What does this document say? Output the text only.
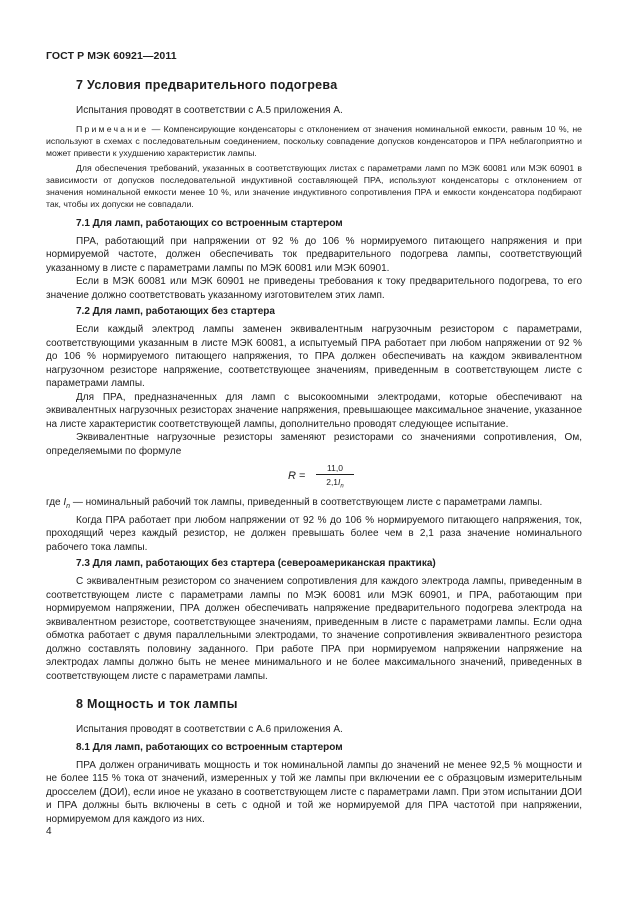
ГОСТ Р МЭК 60921—2011
7 Условия предварительного подогрева

Испытания проводят в соответствии с А.5 приложения А.

Примечание — Компенсирующие конденсаторы с отклонением от значения номинальной емкости, равным 10 %, не используют в схемах с последовательным соединением, поскольку совпадение допусков конденсаторов и ПРА неблагоприятно и может привести к ухудшению характеристик лампы.

Для обеспечения требований, указанных в соответствующих листах с параметрами ламп по МЭК 60081 или МЭК 60901 в зависимости от допусков последовательной индуктивной составляющей ПРА, используют конденсаторы с отклонением от значения номинальной емкости менее 10 %, или значение индуктивного сопротивления ПРА и емкости конденсатора подбирают так, чтобы их допуски не совпадали.

7.1 Для ламп, работающих со встроенным стартером

ПРА, работающий при напряжении от 92 % до 106 % нормируемого питающего напряжения и при нормируемой частоте, должен обеспечивать ток предварительного подогрева лампы, соответствующий указанному в листе с параметрами лампы по МЭК 60081 или МЭК 60901.

Если в МЭК 60081 или МЭК 60901 не приведены требования к току предварительного подогрева, то его значение должно соответствовать указанному изготовителем этих ламп.

7.2 Для ламп, работающих без стартера

Если каждый электрод лампы заменен эквивалентным нагрузочным резистором с параметрами, соответствующими указанным в листе МЭК 60081, а испытуемый ПРА работает при любом напряжении от 92 % до 106 % нормируемого питающего напряжения, то ПРА должен обеспечивать на каждом эквивалентном нагрузочном резисторе напряжение, соответствующее значениям, приведенным в соответствующем листе с параметрами лампы.

Для ПРА, предназначенных для ламп с высокоомными электродами, которые обеспечивают на эквивалентных нагрузочных резисторах значение напряжения, превышающее максимальное значение, указанное на листе характеристик соответствующей лампы, дополнительно проводят следующее испытание.

Эквивалентные нагрузочные резисторы заменяют резисторами со значениями сопротивления, Ом, определяемыми по формуле

R =
11,0
$2,1I_n$

где $I_n$ — номинальный рабочий ток лампы, приведенный в соответствующем листе с параметрами лампы.

Когда ПРА работает при любом напряжении от 92 % до 106 % нормируемого питающего напряжения, ток, проходящий через каждый резистор, не должен превышать более чем в 2,1 раза значение номинального рабочего тока лампы.

7.3 Для ламп, работающих без стартера (североамериканская практика)

С эквивалентным резистором со значением сопротивления для каждого электрода лампы, приведенным в соответствующем листе с параметрами лампы по МЭК 60081 или МЭК 60901, и ПРА, работающим при нормируемом напряжении, ПРА должен обеспечивать напряжение предварительного подогрева электрода на эквивалентном резисторе, соответствующее значениям, приведенным в листе с параметрами лампы. Если одна обмотка работает с двумя параллельными электродами, то значение сопротивления эквивалентного резистора должно составлять половину заданного. При работе ПРА при нормируемом напряжении напряжение на электродах лампы должно быть не менее минимального и не более максимального значений, приведенных в соответствующем листе с параметрами лампы.

8 Мощность и ток лампы

Испытания проводят в соответствии с А.6 приложения А.

8.1 Для ламп, работающих со встроенным стартером

ПРА должен ограничивать мощность и ток номинальной лампы до значений не менее 92,5 % мощности и не более 115 % тока от значений, измеренных у той же лампы при включении ее с образцовым измерительным дросселем (ДОИ), если иное не указано в соответствующем листе с параметрами ламп. При этом испытании ДОИ и ПРА должны быть включены в сеть с одной и той же нормируемой для ПРА частотой при напряжении, нормируемом для каждого из них.

4
